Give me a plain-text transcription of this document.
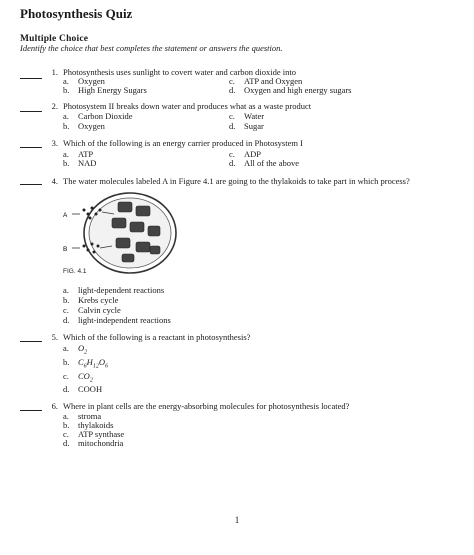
Photosynthesis Quiz
Multiple Choice
Identify the choice that best completes the statement or answers the question.
1. Photosynthesis uses sunlight to covert water and carbon dioxide into
a. Oxygen
b. High Energy Sugars
c. ATP and Oxygen
d. Oxygen and high energy sugars
2. Photosystem II breaks down water and produces what as a waste product
a. Carbon Dioxide
b. Oxygen
c. Water
d. Sugar
3. Which of the following is an energy carrier produced in Photosystem I
a. ATP
b. NAD
c. ADP
d. All of the above
4. The water molecules labeled A in Figure 4.1 are going to the thylakoids to take part in which process?
A
B
FIG. 4.1
a. light-dependent reactions
b. Krebs cycle
c. Calvin cycle
d. light-independent reactions
5. Which of the following is a reactant in photosynthesis?
a. $O_2$
b. $C_6H_{12}O_6$
c. $CO_2$
d. COOH
6. Where in plant cells are the energy-absorbing molecules for photosynthesis located?
a. stroma
b. thylakoids
c. ATP synthase
d. mitochondria
1
